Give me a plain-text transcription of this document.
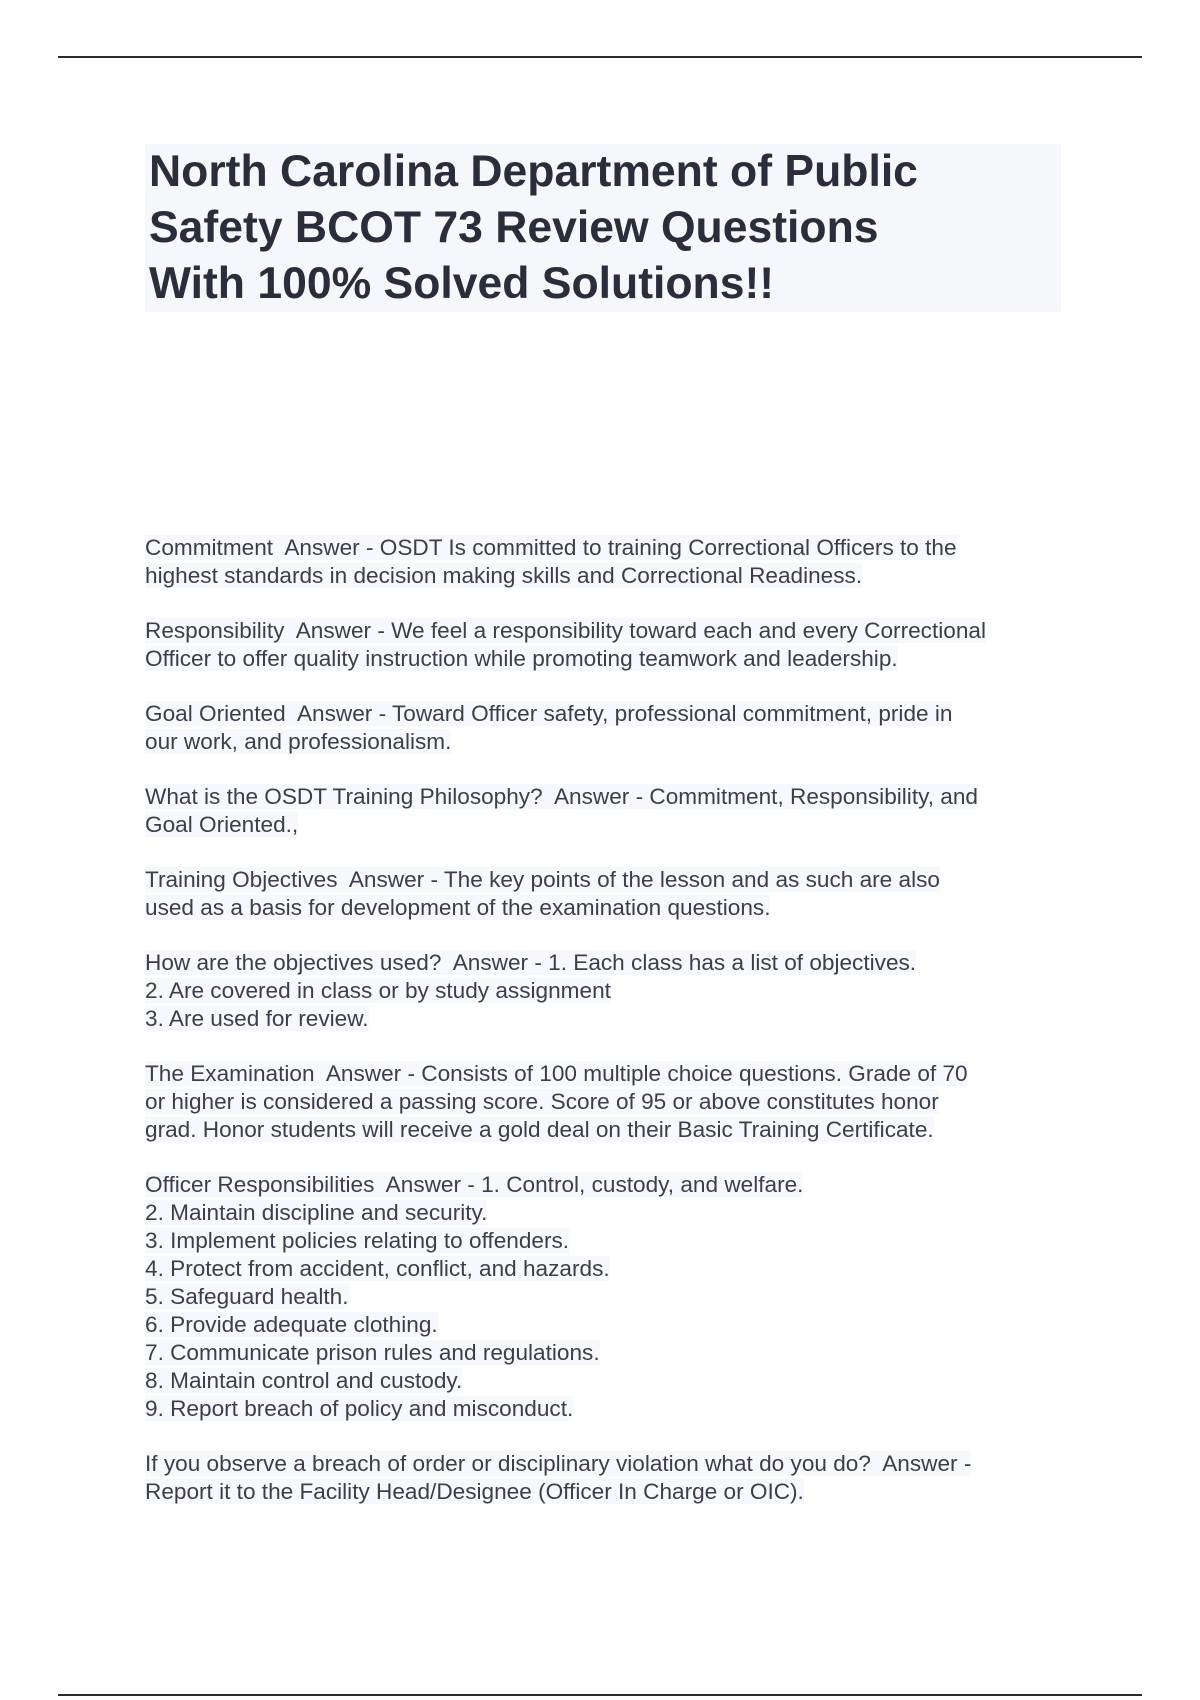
North Carolina Department of Public
Safety BCOT 73 Review Questions
With 100% Solved Solutions!!
Commitment  Answer - OSDT Is committed to training Correctional Officers to the
highest standards in decision making skills and Correctional Readiness.
Responsibility  Answer - We feel a responsibility toward each and every Correctional
Officer to offer quality instruction while promoting teamwork and leadership.
Goal Oriented  Answer - Toward Officer safety, professional commitment, pride in
our work, and professionalism.
What is the OSDT Training Philosophy?  Answer - Commitment, Responsibility, and
Goal Oriented.,
Training Objectives  Answer - The key points of the lesson and as such are also
used as a basis for development of the examination questions.
How are the objectives used?  Answer - 1. Each class has a list of objectives.
2. Are covered in class or by study assignment
3. Are used for review.
The Examination  Answer - Consists of 100 multiple choice questions. Grade of 70
or higher is considered a passing score. Score of 95 or above constitutes honor
grad. Honor students will receive a gold deal on their Basic Training Certificate.
Officer Responsibilities  Answer - 1. Control, custody, and welfare.
2. Maintain discipline and security.
3. Implement policies relating to offenders.
4. Protect from accident, conflict, and hazards.
5. Safeguard health.
6. Provide adequate clothing.
7. Communicate prison rules and regulations.
8. Maintain control and custody.
9. Report breach of policy and misconduct.
If you observe a breach of order or disciplinary violation what do you do?  Answer -
Report it to the Facility Head/Designee (Officer In Charge or OIC).
